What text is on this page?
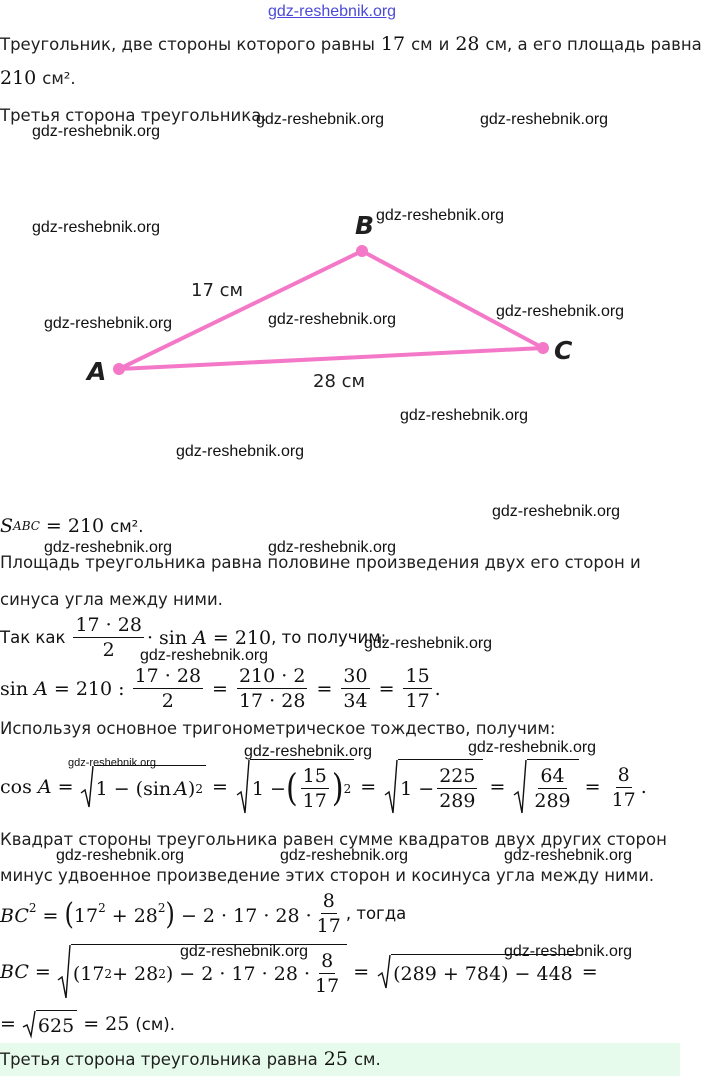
gdz-reshebnik.org
Треугольник, две стороны которого равны 17 см и 28 см, а его площадь равна
210 см².
Третья сторона треугольника.
A
B
C
17 см
28 см
S ABC = 210 см².
Площадь треугольника равна половине произведения двух его сторон и
синуса угла между ними.
Так как $\frac{17 \cdot 28}{2} \cdot \sin A = 210$ , то получим:
sin A = 210 : $\frac{17 \cdot 28}{2} = \frac{210 \cdot 2}{17 \cdot 28} = \frac{30}{34} = \frac{15}{17}$ .
Используя основное тригонометрическое тождество, получим:
cos A = 1 − (sin A ) 2 = 1 − ( $\frac{15}{17}$ ) $2 = 1 - \frac{225}{289} = \frac{64}{289} = \frac{8}{17}$ .
Квадрат стороны треугольника равен сумме квадратов двух других сторон
минус удвоенное произведение этих сторон и косинуса угла между ними.
$BC^2 = (17^2 + 28^2) - 2 \cdot 17 \cdot 28 \cdot \frac{8}{17}$ , тогда
BC = (17 2 + 28 2 ) − $2 \cdot 17 \cdot 28 \cdot \frac{8}{17} = (289 + 784) - 448$ =
= 625 = 25 (см).
Третья сторона треугольника равна 25 см.
gdz-reshebnik.org
gdz-reshebnik.org	gdz-reshebnik.org
gdz-reshebnik.org
gdz-reshebnik.org
gdz-reshebnik.org	gdz-reshebnik.org	gdz-reshebnik.org
gdz-reshebnik.org
gdz-reshebnik.org
gdz-reshebnik.org
gdz-reshebnik.org	gdz-reshebnik.org
gdz-reshebnik.org
gdz-reshebnik.org
gdz-reshebnik.org
gdz-reshebnik.org	gdz-reshebnik.org
gdz-reshebnik.org	gdz-reshebnik.org	gdz-reshebnik.org
gdz-reshebnik.org	gdz-reshebnik.org
